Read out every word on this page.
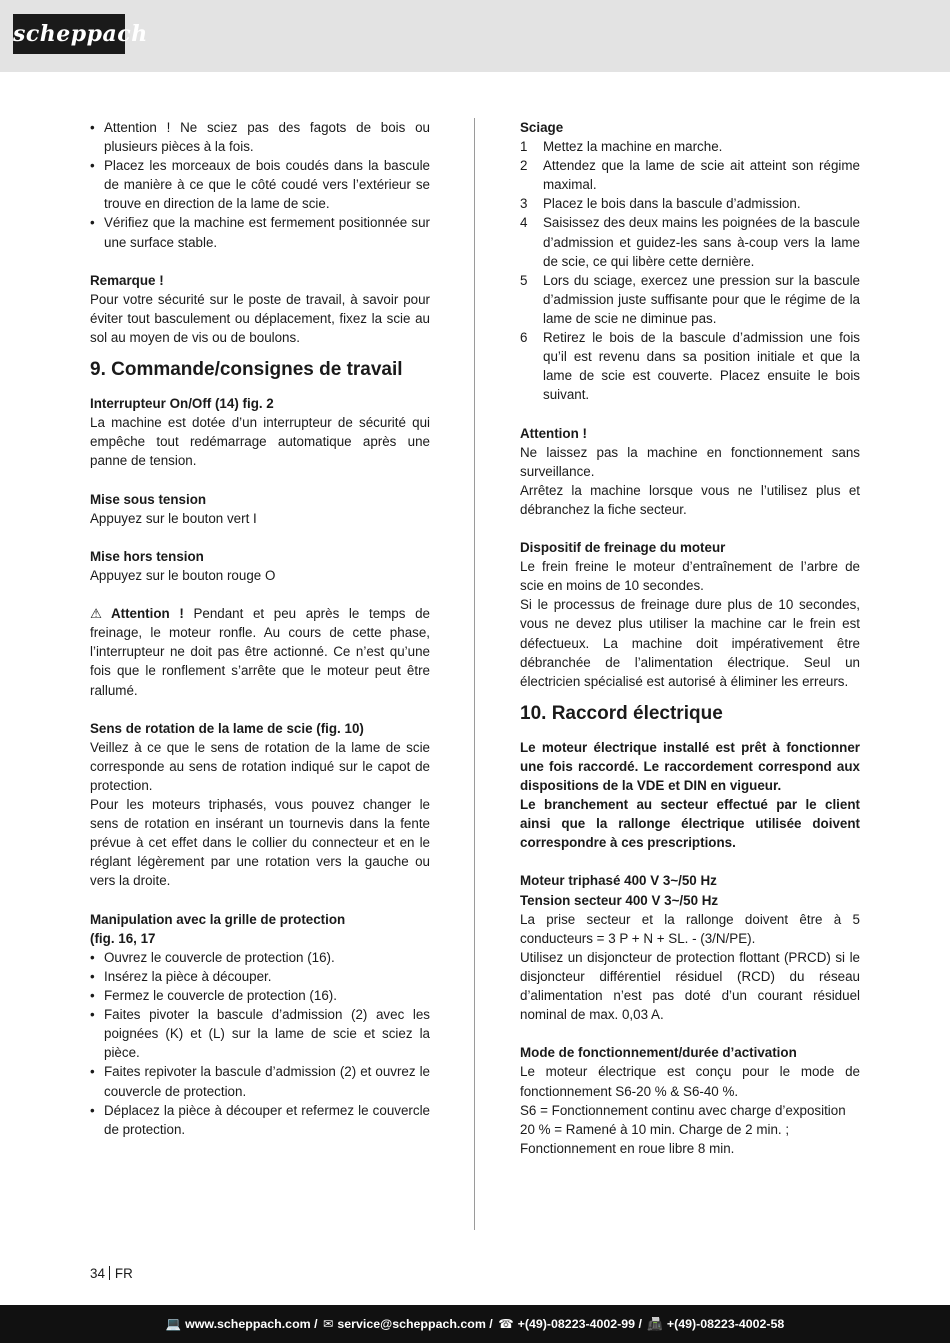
scheppach
• Attention ! Ne sciez pas des fagots de bois ou plusieurs pièces à la fois.
• Placez les morceaux de bois coudés dans la bascule de manière à ce que le côté coudé vers l’extérieur se trouve en direction de la lame de scie.
• Vérifiez que la machine est fermement positionnée sur une surface stable.

Remarque !

Pour votre sécurité sur le poste de travail, à savoir pour éviter tout basculement ou déplacement, fixez la scie au sol au moyen de vis ou de boulons.

9. Commande/consignes de travail

Interrupteur On/Off (14) fig. 2

La machine est dotée d’un interrupteur de sécurité qui empêche tout redémarrage automatique après une panne de tension.

Mise sous tension

Appuyez sur le bouton vert I

Mise hors tension

Appuyez sur le bouton rouge O

⚠ Attention ! Pendant et peu après le temps de freinage, le moteur ronfle. Au cours de cette phase, l’interrupteur ne doit pas être actionné. Ce n’est qu’une fois que le ronflement s’arrête que le moteur peut être rallumé.

Sens de rotation de la lame de scie (fig. 10)

Veillez à ce que le sens de rotation de la lame de scie corresponde au sens de rotation indiqué sur le capot de protection.

Pour les moteurs triphasés, vous pouvez changer le sens de rotation en insérant un tournevis dans la fente prévue à cet effet dans le collier du connecteur et en le réglant légèrement par une rotation vers la gauche ou vers la droite.

Manipulation avec la grille de protection

(fig. 16, 17

• Ouvrez le couvercle de protection (16).
• Insérez la pièce à découper.
• Fermez le couvercle de protection (16).
• Faites pivoter la bascule d’admission (2) avec les poignées (K) et (L) sur la lame de scie et sciez la pièce.
• Faites repivoter la bascule d’admission (2) et ouvrez le couvercle de protection.
• Déplacez la pièce à découper et refermez le couvercle de protection.

Sciage

1 Mettez la machine en marche.
2 Attendez que la lame de scie ait atteint son régime maximal.
3 Placez le bois dans la bascule d’admission.
4 Saisissez des deux mains les poignées de la bascule d’admission et guidez-les sans à-coup vers la lame de scie, ce qui libère cette dernière.
5 Lors du sciage, exercez une pression sur la bascule d’admission juste suffisante pour que le régime de la lame de scie ne diminue pas.
6 Retirez le bois de la bascule d’admission une fois qu’il est revenu dans sa position initiale et que la lame de scie est couverte. Placez ensuite le bois suivant.

Attention !

Ne laissez pas la machine en fonctionnement sans surveillance.

Arrêtez la machine lorsque vous ne l’utilisez plus et débranchez la fiche secteur.

Dispositif de freinage du moteur

Le frein freine le moteur d’entraînement de l’arbre de scie en moins de 10 secondes.

Si le processus de freinage dure plus de 10 secondes, vous ne devez plus utiliser la machine car le frein est défectueux. La machine doit impérativement être débranchée de l’alimentation électrique. Seul un électricien spécialisé est autorisé à éliminer les erreurs.

10. Raccord électrique

Le moteur électrique installé est prêt à fonctionner une fois raccordé. Le raccordement correspond aux dispositions de la VDE et DIN en vigueur.

Le branchement au secteur effectué par le client ainsi que la rallonge électrique utilisée doivent correspondre à ces prescriptions.

Moteur triphasé 400 V 3~/50 Hz

Tension secteur 400 V 3~/50 Hz

La prise secteur et la rallonge doivent être à 5 conducteurs = 3 P + N + SL. - (3/N/PE).

Utilisez un disjoncteur de protection flottant (PRCD) si le disjoncteur différentiel résiduel (RCD) du réseau d’alimentation n’est pas doté d’un courant résiduel nominal de max. 0,03 A.

Mode de fonctionnement/durée d’activation

Le moteur électrique est conçu pour le mode de fonctionnement S6-20 % & S6-40 %.

S6 = Fonctionnement continu avec charge d’exposition

20 % = Ramené à 10 min. Charge de 2 min. ;

Fonctionnement en roue libre 8 min.

34 FR
💻 www.scheppach.com / ✉ service@scheppach.com / ☎ +(49)-08223-4002-99 / 📠 +(49)-08223-4002-58
